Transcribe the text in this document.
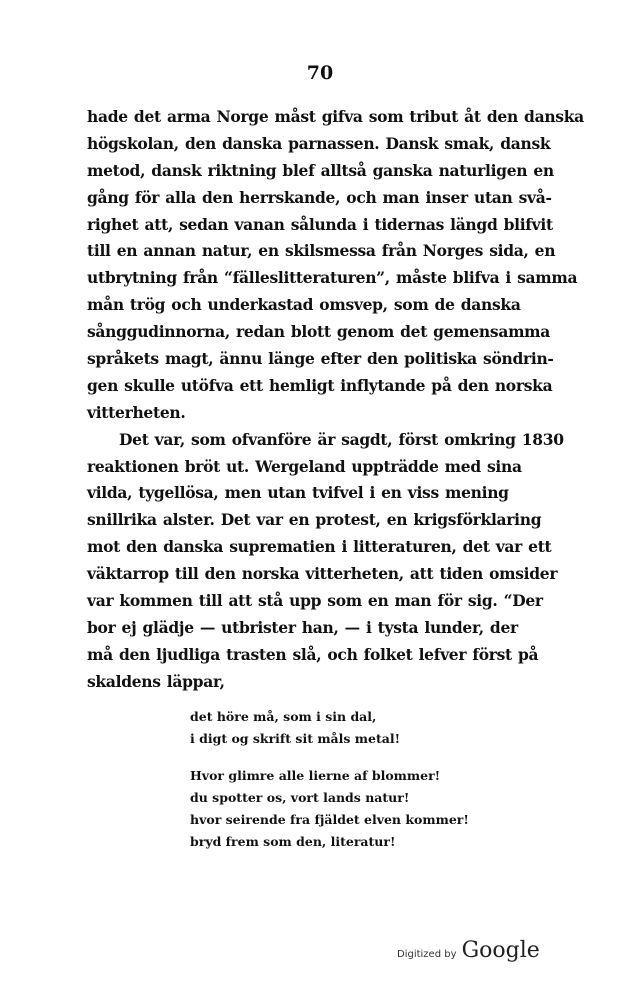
70
hade det arma Norge måst gifva som tribut åt den danska
högskolan, den danska parnassen. Dansk smak, dansk
metod, dansk riktning blef alltså ganska naturligen en
gång för alla den herrskande, och man inser utan svå-
righet att, sedan vanan sålunda i tidernas längd blifvit
till en annan natur, en skilsmessa från Norges sida, en
utbrytning från “fälleslitteraturen”, måste blifva i samma
mån trög och underkastad omsvep, som de danska
sånggudinnorna, redan blott genom det gemensamma
språkets magt, ännu länge efter den politiska söndrin-
gen skulle utöfva ett hemligt inflytande på den norska
vitterheten.
Det var, som ofvanföre är sagdt, först omkring 1830
reaktionen bröt ut. Wergeland uppträdde med sina
vilda, tygellösa, men utan tvifvel i en viss mening
snillrika alster. Det var en protest, en krigsförklaring
mot den danska suprematien i litteraturen, det var ett
väktarrop till den norska vitterheten, att tiden omsider
var kommen till att stå upp som en man för sig. “Der
bor ej glädje — utbrister han, — i tysta lunder, der
må den ljudliga trasten slå, och folket lefver först på
skaldens läppar,
det höre må, som i sin dal,
i digt og skrift sit måls metal!
Hvor glimre alle lierne af blommer!
du spotter os, vort lands natur!
hvor seirende fra fjäldet elven kommer!
bryd frem som den, literatur!
Digitized by Google
